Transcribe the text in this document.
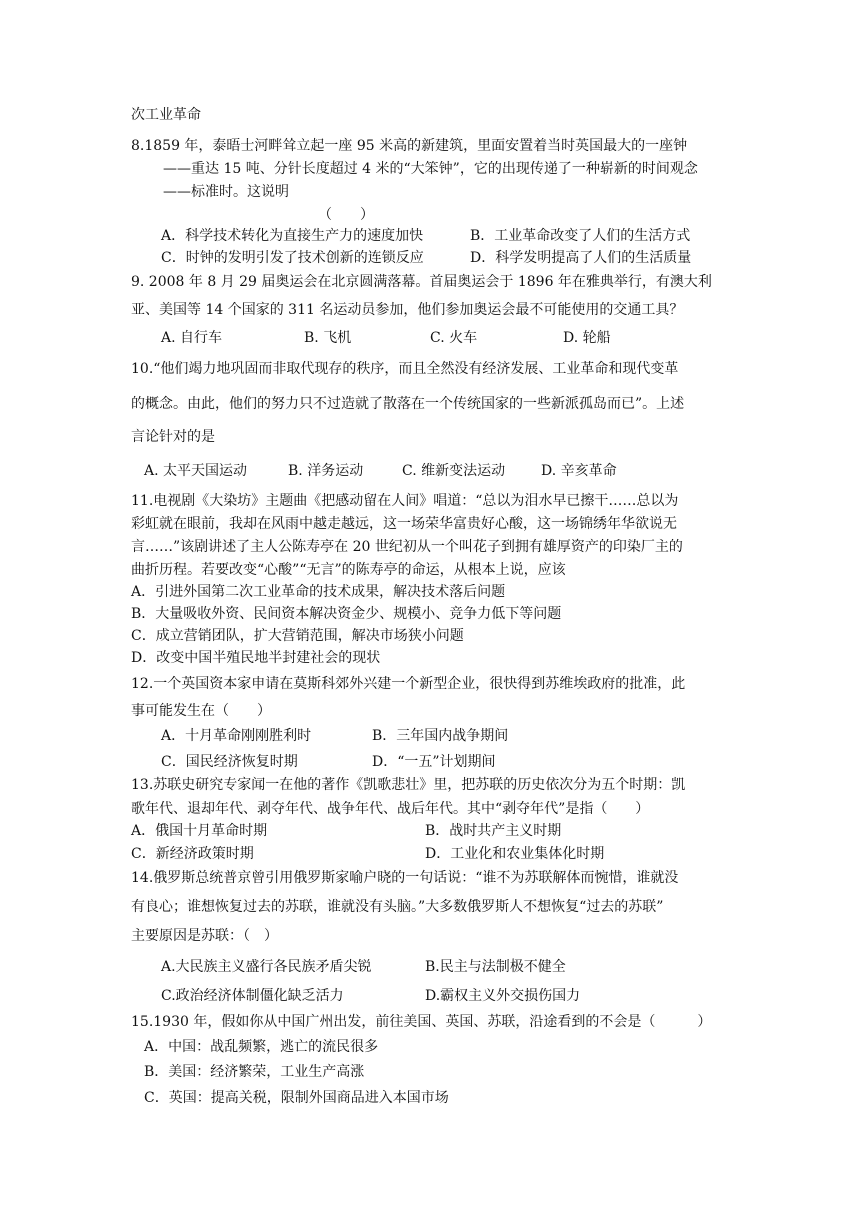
次工业革命
8.1859 年，泰晤士河畔耸立起一座 95 米高的新建筑，里面安置着当时英国最大的一座钟
——重达 15 吨、分针长度超过 4 米的“大笨钟”，它的出现传递了一种崭新的时间观念
——标准时。这说明
（　　）
A．科学技术转化为直接生产力的速度加快	B．工业革命改变了人们的生活方式
C．时钟的发明引发了技术创新的连锁反应	D．科学发明提高了人们的生活质量
9. 2008 年 8 月 29 届奥运会在北京圆满落幕。首届奥运会于 1896 年在雅典举行，有澳大利
亚、美国等 14 个国家的 311 名运动员参加，他们参加奥运会最不可能使用的交通工具？
A. 自行车	B. 飞机	C. 火车	D. 轮船
10.“他们竭力地巩固而非取代现存的秩序，而且全然没有经济发展、工业革命和现代变革
的概念。由此，他们的努力只不过造就了散落在一个传统国家的一些新派孤岛而已”。上述
言论针对的是
A. 太平天国运动	B. 洋务运动	C. 维新变法运动	D. 辛亥革命
11.电视剧《大染坊》主题曲《把感动留在人间》唱道：“总以为泪水早已擦干……总以为
彩虹就在眼前，我却在风雨中越走越远，这一场荣华富贵好心酸，这一场锦绣年华欲说无
言……”该剧讲述了主人公陈寿亭在 20 世纪初从一个叫花子到拥有雄厚资产的印染厂主的
曲折历程。若要改变“心酸”“无言”的陈寿亭的命运，从根本上说，应该
A．引进外国第二次工业革命的技术成果，解决技术落后问题
B．大量吸收外资、民间资本解决资金少、规模小、竞争力低下等问题
C．成立营销团队，扩大营销范围，解决市场狭小问题
D．改变中国半殖民地半封建社会的现状
12.一个英国资本家申请在莫斯科郊外兴建一个新型企业，很快得到苏维埃政府的批准，此
事可能发生在（　　）
A．十月革命刚刚胜利时	B．三年国内战争期间
C．国民经济恢复时期	D．“一五”计划期间
13.苏联史研究专家闻一在他的著作《凯歌悲壮》里，把苏联的历史依次分为五个时期：凯
歌年代、退却年代、剥夺年代、战争年代、战后年代。其中“剥夺年代”是指（　　）
A．俄国十月革命时期	B．战时共产主义时期
C．新经济政策时期	D．工业化和农业集体化时期
14.俄罗斯总统普京曾引用俄罗斯家喻户晓的一句话说：“谁不为苏联解体而惋惜，谁就没
有良心；谁想恢复过去的苏联，谁就没有头脑。”大多数俄罗斯人不想恢复“过去的苏联”
主要原因是苏联：（　）
A.大民族主义盛行各民族矛盾尖锐	B.民主与法制极不健全
C.政治经济体制僵化缺乏活力	D.霸权主义外交损伤国力
15.1930 年，假如你从中国广州出发，前往美国、英国、苏联，沿途看到的不会是（　　　）
A．中国：战乱频繁，逃亡的流民很多
B．美国：经济繁荣，工业生产高涨
C．英国：提高关税，限制外国商品进入本国市场
